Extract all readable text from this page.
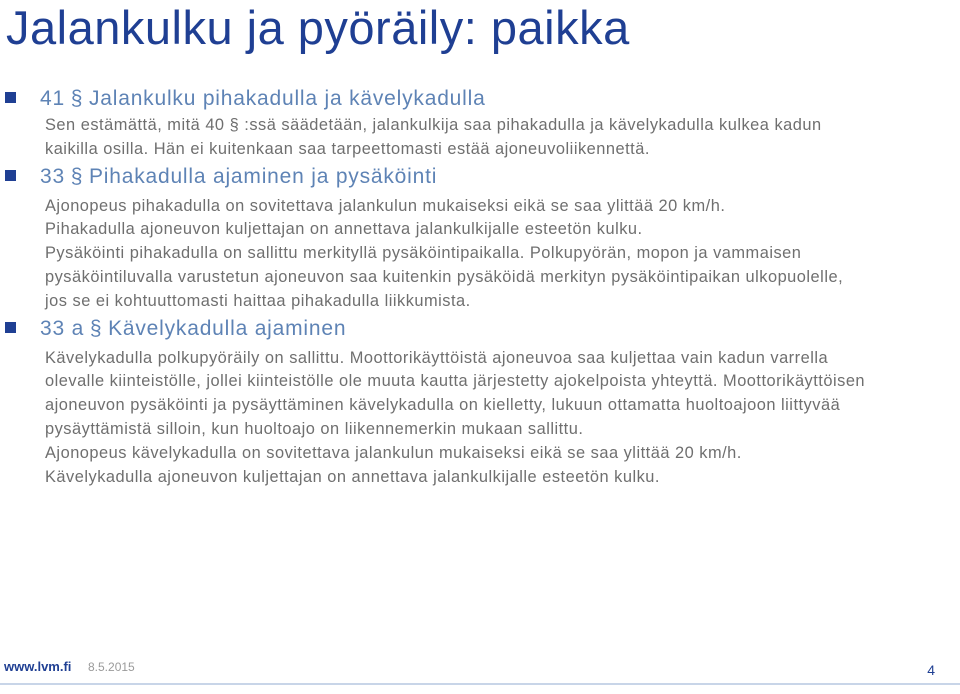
Jalankulku ja pyöräily: paikka

41 § Jalankulku pihakadulla ja kävelykadulla

Sen estämättä, mitä 40 § :ssä säädetään, jalankulkija saa pihakadulla ja kävelykadulla kulkea kadun kaikilla osilla. Hän ei kuitenkaan saa tarpeettomasti estää ajoneuvoliikennettä.

33 § Pihakadulla ajaminen ja pysäköinti

Ajonopeus pihakadulla on sovitettava jalankulun mukaiseksi eikä se saa ylittää 20 km/h.

Pihakadulla ajoneuvon kuljettajan on annettava jalankulkijalle esteetön kulku.

Pysäköinti pihakadulla on sallittu merkityllä pysäköintipaikalla. Polkupyörän, mopon ja vammaisen pysäköintiluvalla varustetun ajoneuvon saa kuitenkin pysäköidä merkityn pysäköintipaikan ulkopuolelle, jos se ei kohtuuttomasti haittaa pihakadulla liikkumista.

33 a § Kävelykadulla ajaminen

Kävelykadulla polkupyöräily on sallittu. Moottorikäyttöistä ajoneuvoa saa kuljettaa vain kadun varrella olevalle kiinteistölle, jollei kiinteistölle ole muuta kautta järjestetty ajokelpoista yhteyttä. Moottorikäyttöisen ajoneuvon pysäköinti ja pysäyttäminen kävelykadulla on kielletty, lukuun ottamatta huoltoajoon liittyvää pysäyttämistä silloin, kun huoltoajo on liikennemerkin mukaan sallittu.

Ajonopeus kävelykadulla on sovitettava jalankulun mukaiseksi eikä se saa ylittää 20 km/h.

Kävelykadulla ajoneuvon kuljettajan on annettava jalankulkijalle esteetön kulku.

www.lvm.fi 8.5.2015	4
